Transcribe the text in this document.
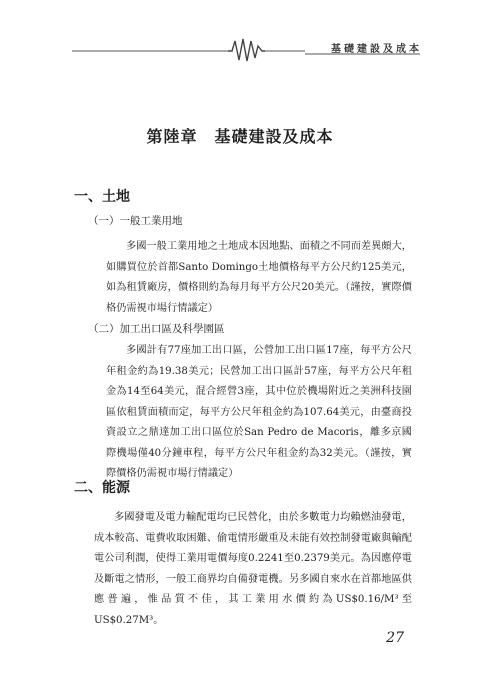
基礎建設及成本
第陸章　基礎建設及成本
一、土地
（一）一般工業用地
多國一般工業用地之土地成本因地點、面積之不同而差異頗大，如購買位於首都Santo Domingo土地價格每平方公尺約125美元，如為租賃廠房，價格則約為每月每平方公尺20美元。（謹按，實際價格仍需視市場行情議定）
（二）加工出口區及科學園區
多國計有77座加工出口區，公營加工出口區17座，每平方公尺年租金約為19.38美元；民營加工出口區計57座，每平方公尺年租金為14至64美元，混合經營3座，其中位於機場附近之美洲科技園區依租賃面積而定，每平方公尺年租金約為107.64美元，由臺商投資設立之鼎達加工出口區位於San Pedro de Macoris，離多京國際機場僅40分鐘車程，每平方公尺年租金約為32美元。（謹按，實際價格仍需視市場行情議定）
二、能源
多國發電及電力輸配電均已民營化，由於多數電力均賴燃油發電，成本較高、電費收取困難、偷電情形嚴重及未能有效控制發電廠與輸配電公司利潤，使得工業用電價每度0.2241至0.2379美元。為因應停電及斷電之情形，一般工商界均自備發電機。另多國自來水在首都地區供應普遍，惟品質不佳，其工業用水價約為US$0.16/M³至US$0.27M³。
27
